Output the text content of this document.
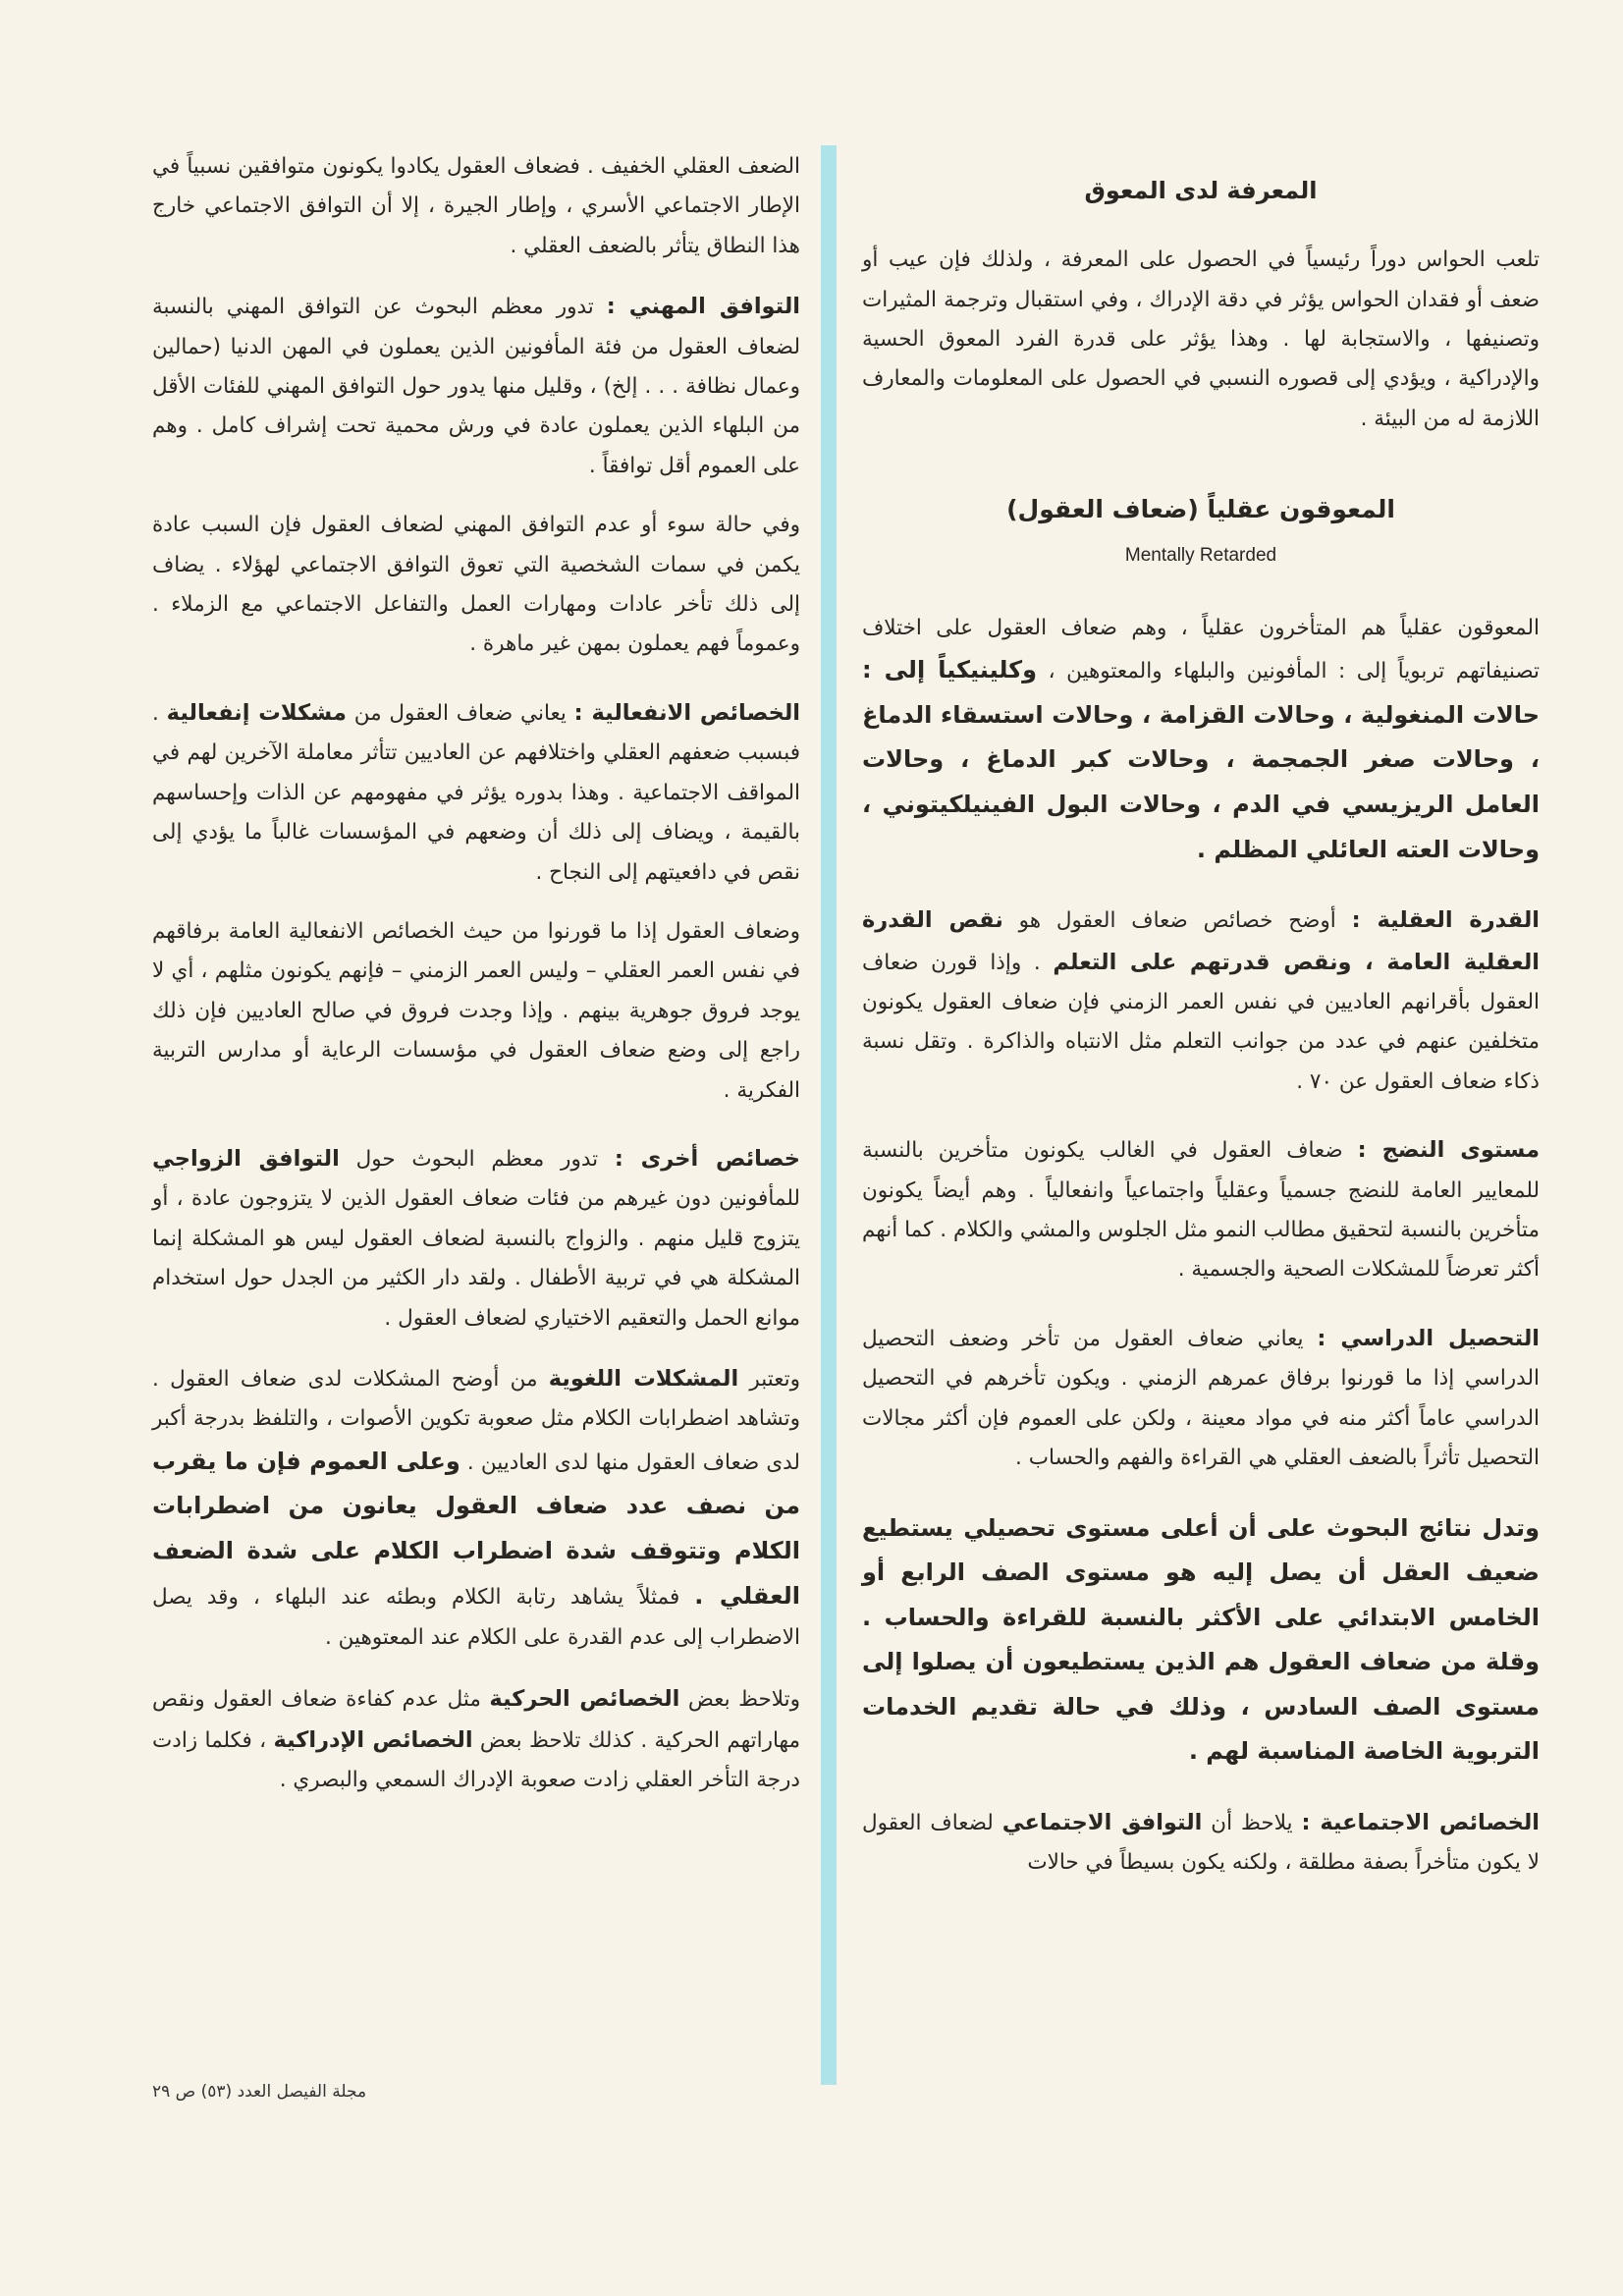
المعرفة لدى المعوق

تلعب الحواس دوراً رئيسياً في الحصول على المعرفة ، ولذلك فإن عيب أو ضعف أو فقدان الحواس يؤثر في دقة الإدراك ، وفي استقبال وترجمة المثيرات وتصنيفها ، والاستجابة لها . وهذا يؤثر على قدرة الفرد المعوق الحسية والإدراكية ، ويؤدي إلى قصوره النسبي في الحصول على المعلومات والمعارف اللازمة له من البيئة .

المعوقون عقلياً (ضعاف العقول)
Mentally Retarded

المعوقون عقلياً هم المتأخرون عقلياً ، وهم ضعاف العقول على اختلاف تصنيفاتهم تربوياً إلى : المأفونين والبلهاء والمعتوهين ، وكلينيكياً إلى : حالات المنغولية ، وحالات القزامة ، وحالات استسقاء الدماغ ، وحالات صغر الجمجمة ، وحالات كبر الدماغ ، وحالات العامل الريزيسي في الدم ، وحالات البول الفينيلكيتوني ، وحالات العته العائلي المظلم .

القدرة العقلية : أوضح خصائص ضعاف العقول هو نقص القدرة العقلية العامة ، ونقص قدرتهم على التعلم . وإذا قورن ضعاف العقول بأقرانهم العاديين في نفس العمر الزمني فإن ضعاف العقول يكونون متخلفين عنهم في عدد من جوانب التعلم مثل الانتباه والذاكرة . وتقل نسبة ذكاء ضعاف العقول عن ٧٠ .

مستوى النضج : ضعاف العقول في الغالب يكونون متأخرين بالنسبة للمعايير العامة للنضج جسمياً وعقلياً واجتماعياً وانفعالياً . وهم أيضاً يكونون متأخرين بالنسبة لتحقيق مطالب النمو مثل الجلوس والمشي والكلام . كما أنهم أكثر تعرضاً للمشكلات الصحية والجسمية .

التحصيل الدراسي : يعاني ضعاف العقول من تأخر وضعف التحصيل الدراسي إذا ما قورنوا برفاق عمرهم الزمني . ويكون تأخرهم في التحصيل الدراسي عاماً أكثر منه في مواد معينة ، ولكن على العموم فإن أكثر مجالات التحصيل تأثراً بالضعف العقلي هي القراءة والفهم والحساب .

وتدل نتائج البحوث على أن أعلى مستوى تحصيلي يستطيع ضعيف العقل أن يصل إليه هو مستوى الصف الرابع أو الخامس الابتدائي على الأكثر بالنسبة للقراءة والحساب . وقلة من ضعاف العقول هم الذين يستطيعون أن يصلوا إلى مستوى الصف السادس ، وذلك في حالة تقديم الخدمات التربوية الخاصة المناسبة لهم .

الخصائص الاجتماعية : يلاحظ أن التوافق الاجتماعي لضعاف العقول لا يكون متأخراً بصفة مطلقة ، ولكنه يكون بسيطاً في حالات

الضعف العقلي الخفيف . فضعاف العقول يكادوا يكونون متوافقين نسبياً في الإطار الاجتماعي الأسري ، وإطار الجيرة ، إلا أن التوافق الاجتماعي خارج هذا النطاق يتأثر بالضعف العقلي .

التوافق المهني : تدور معظم البحوث عن التوافق المهني بالنسبة لضعاف العقول من فئة المأفونين الذين يعملون في المهن الدنيا (حمالين وعمال نظافة . . . إلخ) ، وقليل منها يدور حول التوافق المهني للفئات الأقل من البلهاء الذين يعملون عادة في ورش محمية تحت إشراف كامل . وهم على العموم أقل توافقاً .

وفي حالة سوء أو عدم التوافق المهني لضعاف العقول فإن السبب عادة يكمن في سمات الشخصية التي تعوق التوافق الاجتماعي لهؤلاء . يضاف إلى ذلك تأخر عادات ومهارات العمل والتفاعل الاجتماعي مع الزملاء . وعموماً فهم يعملون بمهن غير ماهرة .

الخصائص الانفعالية : يعاني ضعاف العقول من مشكلات إنفعالية . فبسبب ضعفهم العقلي واختلافهم عن العاديين تتأثر معاملة الآخرين لهم في المواقف الاجتماعية . وهذا بدوره يؤثر في مفهومهم عن الذات وإحساسهم بالقيمة ، ويضاف إلى ذلك أن وضعهم في المؤسسات غالباً ما يؤدي إلى نقص في دافعيتهم إلى النجاح .

وضعاف العقول إذا ما قورنوا من حيث الخصائص الانفعالية العامة برفاقهم في نفس العمر العقلي – وليس العمر الزمني – فإنهم يكونون مثلهم ، أي لا يوجد فروق جوهرية بينهم . وإذا وجدت فروق في صالح العاديين فإن ذلك راجع إلى وضع ضعاف العقول في مؤسسات الرعاية أو مدارس التربية الفكرية .

خصائص أخرى : تدور معظم البحوث حول التوافق الزواجي للمأفونين دون غيرهم من فئات ضعاف العقول الذين لا يتزوجون عادة ، أو يتزوج قليل منهم . والزواج بالنسبة لضعاف العقول ليس هو المشكلة إنما المشكلة هي في تربية الأطفال . ولقد دار الكثير من الجدل حول استخدام موانع الحمل والتعقيم الاختياري لضعاف العقول .

وتعتبر المشكلات اللغوية من أوضح المشكلات لدى ضعاف العقول . وتشاهد اضطرابات الكلام مثل صعوبة تكوين الأصوات ، والتلفظ بدرجة أكبر لدى ضعاف العقول منها لدى العاديين . وعلى العموم فإن ما يقرب من نصف عدد ضعاف العقول يعانون من اضطرابات الكلام وتتوقف شدة اضطراب الكلام على شدة الضعف العقلي . فمثلاً يشاهد رتابة الكلام وبطئه عند البلهاء ، وقد يصل الاضطراب إلى عدم القدرة على الكلام عند المعتوهين .

وتلاحظ بعض الخصائص الحركية مثل عدم كفاءة ضعاف العقول ونقص مهاراتهم الحركية . كذلك تلاحظ بعض الخصائص الإدراكية ، فكلما زادت درجة التأخر العقلي زادت صعوبة الإدراك السمعي والبصري .

مجلة الفيصل العدد (٥٣) ص ٢٩
